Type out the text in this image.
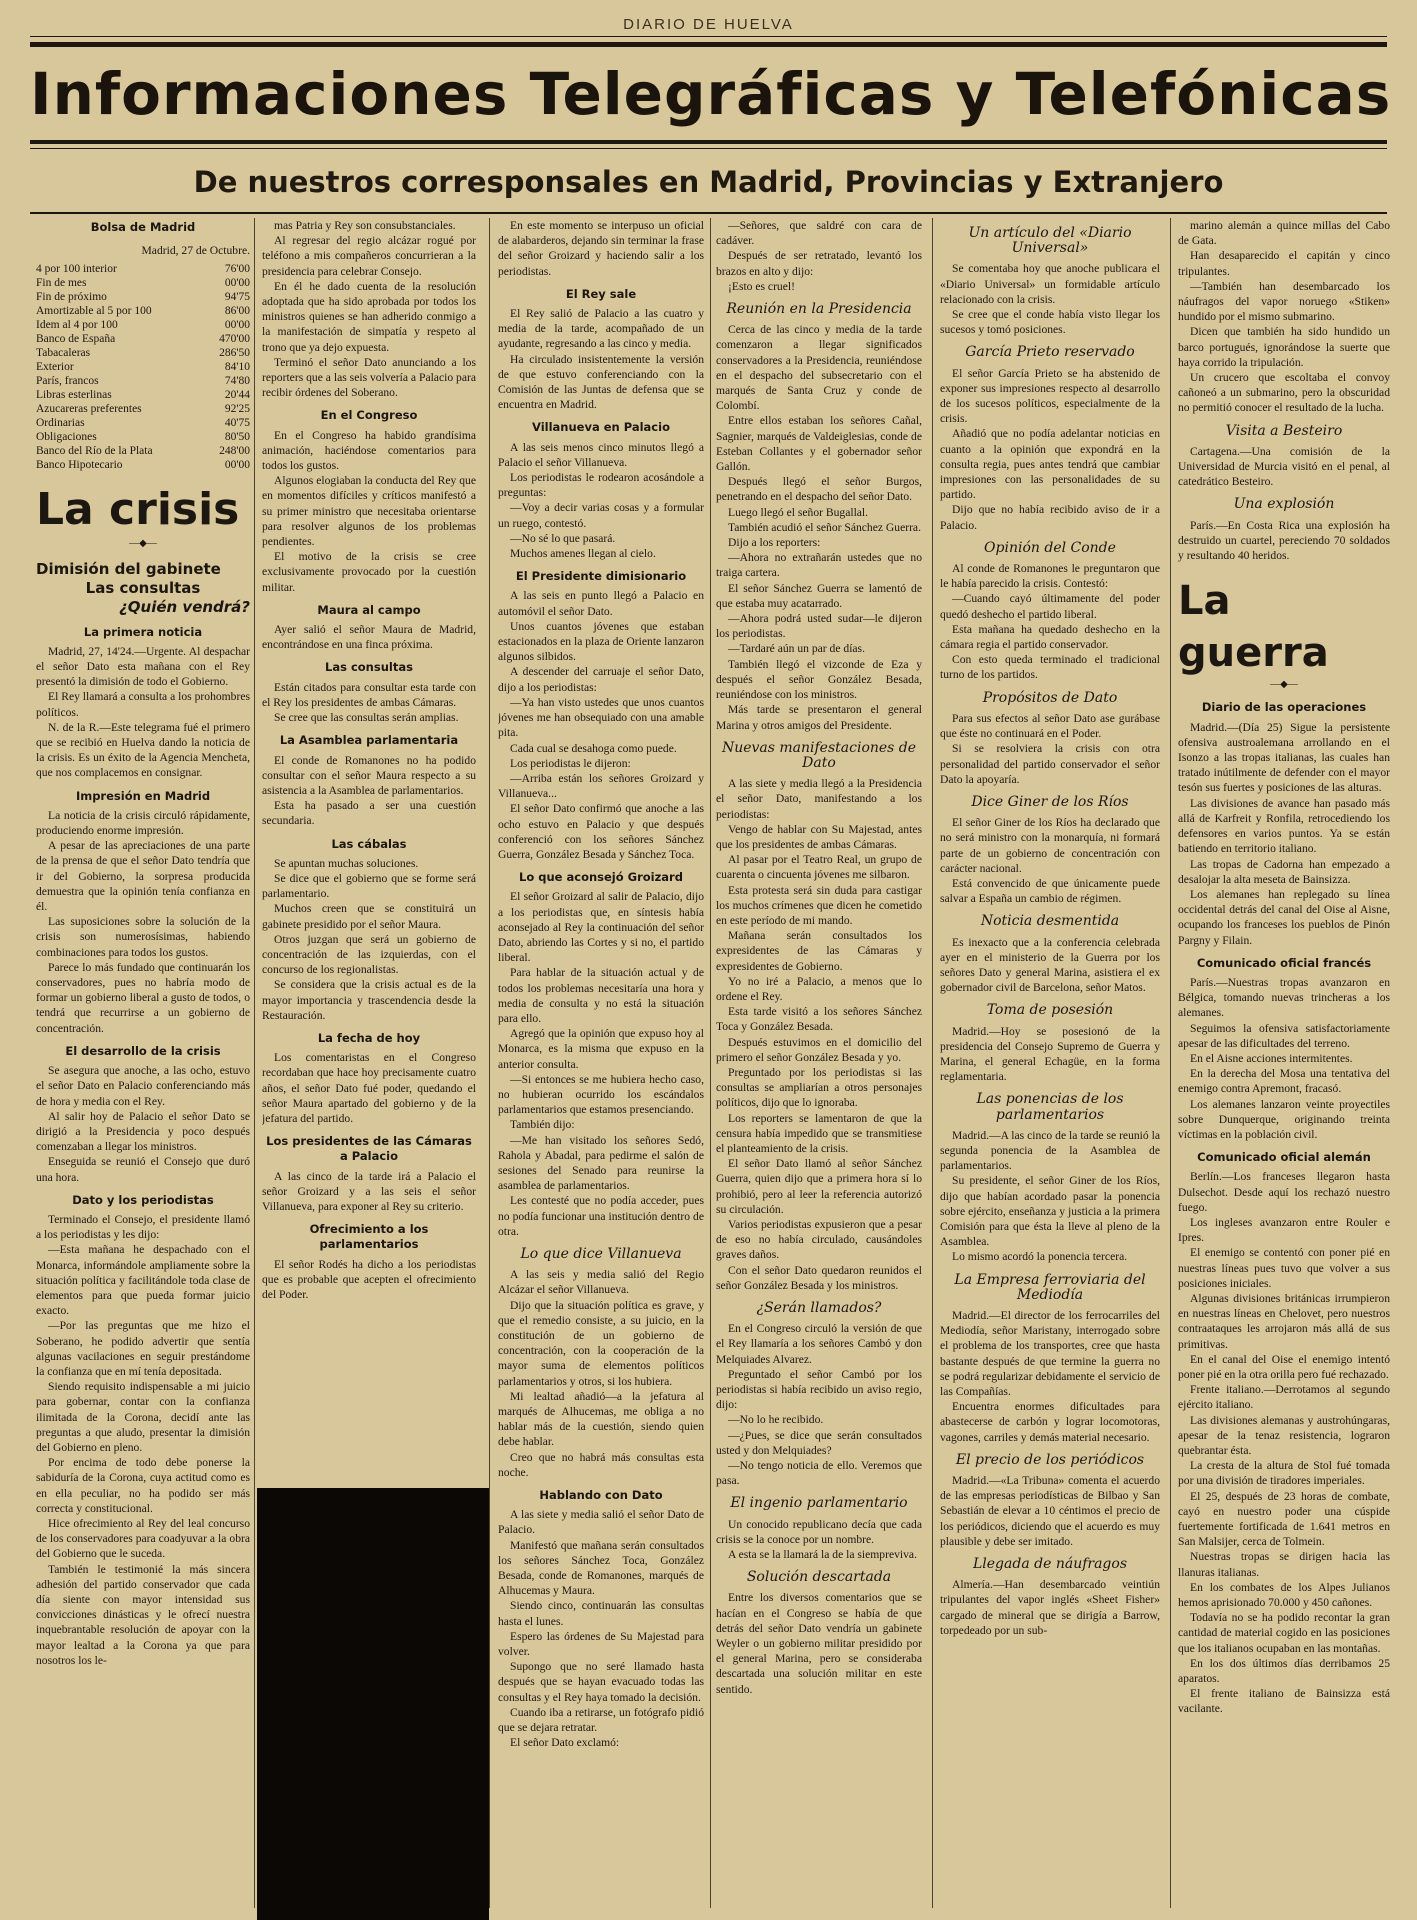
DIARIO DE HUELVA
Informaciones Telegráficas y Telefónicas
De nuestros corresponsales en Madrid, Provincias y Extranjero
Bolsa de Madrid
Madrid, 27 de Octubre.
4 por 100 interior	76'00
Fin de mes	00'00
Fin de próximo	94'75
Amortizable al 5 por 100	86'00
Idem al 4 por 100	00'00
Banco de España	470'00
Tabacaleras	286'50
Exterior	84'10
París, francos	74'80
Libras esterlinas	20'44
Azucareras preferentes	92'25
Ordinarias	40'75
Obligaciones	80'50
Banco del Río de la Plata	248'00
Banco Hipotecario	00'00
La crisis
—◆—
Dimisión del gabinete
Las consultas
¿Quién vendrá?
La primera noticia

Madrid, 27, 14'24.—Urgente. Al despachar el señor Dato esta mañana con el Rey presentó la dimisión de todo el Gobierno.

El Rey llamará a consulta a los prohombres políticos.

N. de la R.—Este telegrama fué el primero que se recibió en Huelva dando la noticia de la crisis. Es un éxito de la Agencia Mencheta, que nos complacemos en consignar.

Impresión en Madrid

La noticia de la crisis circuló rápidamente, produciendo enorme impresión.

A pesar de las apreciaciones de una parte de la prensa de que el señor Dato tendría que ir del Gobierno, la sorpresa producida demuestra que la opinión tenía confianza en él.

Las suposiciones sobre la solución de la crisis son numerosísimas, habiendo combinaciones para todos los gustos.

Parece lo más fundado que continuarán los conservadores, pues no habría modo de formar un gobierno liberal a gusto de todos, o tendrá que recurrirse a un gobierno de concentración.

El desarrollo de la crisis

Se asegura que anoche, a las ocho, estuvo el señor Dato en Palacio conferenciando más de hora y media con el Rey.

Al salir hoy de Palacio el señor Dato se dirigió a la Presidencia y poco después comenzaban a llegar los ministros.

Enseguida se reunió el Consejo que duró una hora.

Dato y los periodistas

Terminado el Consejo, el presidente llamó a los periodistas y les dijo:

—Esta mañana he despachado con el Monarca, informándole ampliamente sobre la situación política y facilitándole toda clase de elementos para que pueda formar juicio exacto.

—Por las preguntas que me hizo el Soberano, he podido advertir que sentía algunas vacilaciones en seguir prestándome la confianza que en mí tenía depositada.

Siendo requisito indispensable a mi juicio para gobernar, contar con la confianza ilimitada de la Corona, decidí ante las preguntas a que aludo, presentar la dimisión del Gobierno en pleno.

Por encima de todo debe ponerse la sabiduría de la Corona, cuya actitud como es en ella peculiar, no ha podido ser más correcta y constitucional.

Hice ofrecimiento al Rey del leal concurso de los conservadores para coadyuvar a la obra del Gobierno que le suceda.

También le testimonié la más sincera adhesión del partido conservador que cada día siente con mayor intensidad sus convicciones dinásticas y le ofrecí nuestra inquebrantable resolución de apoyar con la mayor lealtad a la Corona ya que para nosotros los le-

mas Patria y Rey son consubstanciales.

Al regresar del regio alcázar rogué por teléfono a mis compañeros concurrieran a la presidencia para celebrar Consejo.

En él he dado cuenta de la resolución adoptada que ha sido aprobada por todos los ministros quienes se han adherido conmigo a la manifestación de simpatía y respeto al trono que ya dejo expuesta.

Terminó el señor Dato anunciando a los reporters que a las seis volvería a Palacio para recibir órdenes del Soberano.

En el Congreso

En el Congreso ha habido grandísima animación, haciéndose comentarios para todos los gustos.

Algunos elogiaban la conducta del Rey que en momentos difíciles y críticos manifestó a su primer ministro que necesitaba orientarse para resolver algunos de los problemas pendientes.

El motivo de la crisis se cree exclusivamente provocado por la cuestión militar.

Maura al campo

Ayer salió el señor Maura de Madrid, encontrándose en una finca próxima.

Las consultas

Están citados para consultar esta tarde con el Rey los presidentes de ambas Cámaras.

Se cree que las consultas serán amplias.

La Asamblea parlamentaria

El conde de Romanones no ha podido consultar con el señor Maura respecto a su asistencia a la Asamblea de parlamentarios.

Esta ha pasado a ser una cuestión secundaria.

Las cábalas

Se apuntan muchas soluciones.

Se dice que el gobierno que se forme será parlamentario.

Muchos creen que se constituirá un gabinete presidido por el señor Maura.

Otros juzgan que será un gobierno de concentración de las izquierdas, con el concurso de los regionalistas.

Se considera que la crisis actual es de la mayor importancia y trascendencia desde la Restauración.

La fecha de hoy

Los comentaristas en el Congreso recordaban que hace hoy precisamente cuatro años, el señor Dato fué poder, quedando el señor Maura apartado del gobierno y de la jefatura del partido.

Los presidentes de las Cámaras a Palacio

A las cinco de la tarde irá a Palacio el señor Groizard y a las seis el señor Villanueva, para exponer al Rey su criterio.

Ofrecimiento a los parlamentarios

El señor Rodés ha dicho a los periodistas que es probable que acepten el ofrecimiento del Poder.

En este momento se interpuso un oficial de alabarderos, dejando sin terminar la frase del señor Groizard y haciendo salir a los periodistas.

El Rey sale

El Rey salió de Palacio a las cuatro y media de la tarde, acompañado de un ayudante, regresando a las cinco y media.

Ha circulado insistentemente la versión de que estuvo conferenciando con la Comisión de las Juntas de defensa que se encuentra en Madrid.

Villanueva en Palacio

A las seis menos cinco minutos llegó a Palacio el señor Villanueva.

Los periodistas le rodearon acosándole a preguntas:

—Voy a decir varias cosas y a formular un ruego, contestó.

—No sé lo que pasará.

Muchos amenes llegan al cielo.

El Presidente dimisionario

A las seis en punto llegó a Palacio en automóvil el señor Dato.

Unos cuantos jóvenes que estaban estacionados en la plaza de Oriente lanzaron algunos silbidos.

A descender del carruaje el señor Dato, dijo a los periodistas:

—Ya han visto ustedes que unos cuantos jóvenes me han obsequiado con una amable pita.

Cada cual se desahoga como puede.

Los periodistas le dijeron:

—Arriba están los señores Groizard y Villanueva...

El señor Dato confirmó que anoche a las ocho estuvo en Palacio y que después conferenció con los señores Sánchez Guerra, González Besada y Sánchez Toca.

Lo que aconsejó Groizard

El señor Groizard al salir de Palacio, dijo a los periodistas que, en síntesis había aconsejado al Rey la continuación del señor Dato, abriendo las Cortes y si no, el partido liberal.

Para hablar de la situación actual y de todos los problemas necesitaría una hora y media de consulta y no está la situación para ello.

Agregó que la opinión que expuso hoy al Monarca, es la misma que expuso en la anterior consulta.

—Si entonces se me hubiera hecho caso, no hubieran ocurrido los escándalos parlamentarios que estamos presenciando.

También dijo:

—Me han visitado los señores Sedó, Rahola y Abadal, para pedirme el salón de sesiones del Senado para reunirse la asamblea de parlamentarios.

Les contesté que no podía acceder, pues no podía funcionar una institución dentro de otra.

Lo que dice Villanueva

A las seis y media salió del Regio Alcázar el señor Villanueva.

Dijo que la situación política es grave, y que el remedio consiste, a su juicio, en la constitución de un gobierno de concentración, con la cooperación de la mayor suma de elementos políticos parlamentarios y otros, si los hubiera.

Mi lealtad añadió—a la jefatura al marqués de Alhucemas, me obliga a no hablar más de la cuestión, siendo quien debe hablar.

Creo que no habrá más consultas esta noche.

Hablando con Dato

A las siete y media salió el señor Dato de Palacio.

Manifestó que mañana serán consultados los señores Sánchez Toca, González Besada, conde de Romanones, marqués de Alhucemas y Maura.

Siendo cinco, continuarán las consultas hasta el lunes.

Espero las órdenes de Su Majestad para volver.

Supongo que no seré llamado hasta después que se hayan evacuado todas las consultas y el Rey haya tomado la decisión.

Cuando iba a retirarse, un fotógrafo pidió que se dejara retratar.

El señor Dato exclamó:

—Señores, que saldré con cara de cadáver.

Después de ser retratado, levantó los brazos en alto y dijo:

¡Esto es cruel!

Reunión en la Presidencia

Cerca de las cinco y media de la tarde comenzaron a llegar significados conservadores a la Presidencia, reuniéndose en el despacho del subsecretario con el marqués de Santa Cruz y conde de Colombí.

Entre ellos estaban los señores Cañal, Sagnier, marqués de Valdeiglesias, conde de Esteban Collantes y el gobernador señor Gallón.

Después llegó el señor Burgos, penetrando en el despacho del señor Dato.

Luego llegó el señor Bugallal.

También acudió el señor Sánchez Guerra.

Dijo a los reporters:

—Ahora no extrañarán ustedes que no traiga cartera.

El señor Sánchez Guerra se lamentó de que estaba muy acatarrado.

—Ahora podrá usted sudar—le dijeron los periodistas.

—Tardaré aún un par de días.

También llegó el vizconde de Eza y después el señor González Besada, reuniéndose con los ministros.

Más tarde se presentaron el general Marina y otros amigos del Presidente.

Nuevas manifestaciones de Dato

A las siete y media llegó a la Presidencia el señor Dato, manifestando a los periodistas:

Vengo de hablar con Su Majestad, antes que los presidentes de ambas Cámaras.

Al pasar por el Teatro Real, un grupo de cuarenta o cincuenta jóvenes me silbaron.

Esta protesta será sin duda para castigar los muchos crímenes que dicen he cometido en este período de mi mando.

Mañana serán consultados los expresidentes de las Cámaras y expresidentes de Gobierno.

Yo no iré a Palacio, a menos que lo ordene el Rey.

Esta tarde visitó a los señores Sánchez Toca y González Besada.

Después estuvimos en el domicilio del primero el señor González Besada y yo.

Preguntado por los periodistas si las consultas se ampliarían a otros personajes políticos, dijo que lo ignoraba.

Los reporters se lamentaron de que la censura había impedido que se transmitiese el planteamiento de la crisis.

El señor Dato llamó al señor Sánchez Guerra, quien dijo que a primera hora sí lo prohibió, pero al leer la referencia autorizó su circulación.

Varios periodistas expusieron que a pesar de eso no había circulado, causándoles graves daños.

Con el señor Dato quedaron reunidos el señor González Besada y los ministros.

¿Serán llamados?

En el Congreso circuló la versión de que el Rey llamaría a los señores Cambó y don Melquiades Alvarez.

Preguntado el señor Cambó por los periodistas si había recibido un aviso regio, dijo:

—No lo he recibido.

—¿Pues, se dice que serán consultados usted y don Melquiades?

—No tengo noticia de ello. Veremos que pasa.

El ingenio parlamentario

Un conocido republicano decía que cada crisis se la conoce por un nombre.

A esta se la llamará la de la siempreviva.

Solución descartada

Entre los diversos comentarios que se hacían en el Congreso se había de que detrás del señor Dato vendría un gabinete Weyler o un gobierno militar presidido por el general Marina, pero se consideraba descartada una solución militar en este sentido.

Un artículo del «Diario Universal»

Se comentaba hoy que anoche publicara el «Diario Universal» un formidable artículo relacionado con la crisis.

Se cree que el conde había visto llegar los sucesos y tomó posiciones.

García Prieto reservado

El señor García Prieto se ha abstenido de exponer sus impresiones respecto al desarrollo de los sucesos políticos, especialmente de la crisis.

Añadió que no podía adelantar noticias en cuanto a la opinión que expondrá en la consulta regia, pues antes tendrá que cambiar impresiones con las personalidades de su partido.

Dijo que no había recibido aviso de ir a Palacio.

Opinión del Conde

Al conde de Romanones le preguntaron que le había parecido la crisis. Contestó:

—Cuando cayó últimamente del poder quedó deshecho el partido liberal.

Esta mañana ha quedado deshecho en la cámara regia el partido conservador.

Con esto queda terminado el tradicional turno de los partidos.

Propósitos de Dato

Para sus efectos al señor Dato ase gurábase que éste no continuará en el Poder.

Si se resolviera la crisis con otra personalidad del partido conservador el señor Dato la apoyaría.

Dice Giner de los Ríos

El señor Giner de los Ríos ha declarado que no será ministro con la monarquía, ni formará parte de un gobierno de concentración con carácter nacional.

Está convencido de que únicamente puede salvar a España un cambio de régimen.

Noticia desmentida

Es inexacto que a la conferencia celebrada ayer en el ministerio de la Guerra por los señores Dato y general Marina, asistiera el ex gobernador civil de Barcelona, señor Matos.

Toma de posesión

Madrid.—Hoy se posesionó de la presidencia del Consejo Supremo de Guerra y Marina, el general Echagüe, en la forma reglamentaria.

Las ponencias de los parlamentarios

Madrid.—A las cinco de la tarde se reunió la segunda ponencia de la Asamblea de parlamentarios.

Su presidente, el señor Giner de los Ríos, dijo que habían acordado pasar la ponencia sobre ejército, enseñanza y justicia a la primera Comisión para que ésta la lleve al pleno de la Asamblea.

Lo mismo acordó la ponencia tercera.

La Empresa ferroviaria del Mediodía

Madrid.—El director de los ferrocarriles del Mediodía, señor Maristany, interrogado sobre el problema de los transportes, cree que hasta bastante después de que termine la guerra no se podrá regularizar debidamente el servicio de las Compañías.

Encuentra enormes dificultades para abastecerse de carbón y lograr locomotoras, vagones, carriles y demás material necesario.

El precio de los periódicos

Madrid.—«La Tribuna» comenta el acuerdo de las empresas periodísticas de Bilbao y San Sebastián de elevar a 10 céntimos el precio de los periódicos, diciendo que el acuerdo es muy plausible y debe ser imitado.

Llegada de náufragos

Almería.—Han desembarcado veintiún tripulantes del vapor inglés «Sheet Fisher» cargado de mineral que se dirigía a Barrow, torpedeado por un sub-

marino alemán a quince millas del Cabo de Gata.

Han desaparecido el capitán y cinco tripulantes.

—También han desembarcado los náufragos del vapor noruego «Stiken» hundido por el mismo submarino.

Dicen que también ha sido hundido un barco portugués, ignorándose la suerte que haya corrido la tripulación.

Un crucero que escoltaba el convoy cañoneó a un submarino, pero la obscuridad no permitió conocer el resultado de la lucha.

Visita a Besteiro

Cartagena.—Una comisión de la Universidad de Murcia visitó en el penal, al catedrático Besteiro.

Una explosión

París.—En Costa Rica una explosión ha destruido un cuartel, pereciendo 70 soldados y resultando 40 heridos.

La guerra
—◆—
Diario de las operaciones

Madrid.—(Día 25) Sigue la persistente ofensiva austroalemana arrollando en el Isonzo a las tropas italianas, las cuales han tratado inútilmente de defender con el mayor tesón sus fuertes y posiciones de las alturas.

Las divisiones de avance han pasado más allá de Karfreit y Ronfila, retrocediendo los defensores en varios puntos. Ya se están batiendo en territorio italiano.

Las tropas de Cadorna han empezado a desalojar la alta meseta de Bainsizza.

Los alemanes han replegado su línea occidental detrás del canal del Oise al Aisne, ocupando los franceses los pueblos de Pinón Pargny y Filain.

Comunicado oficial francés

París.—Nuestras tropas avanzaron en Bélgica, tomando nuevas trincheras a los alemanes.

Seguimos la ofensiva satisfactoriamente apesar de las dificultades del terreno.

En el Aisne acciones intermitentes.

En la derecha del Mosa una tentativa del enemigo contra Apremont, fracasó.

Los alemanes lanzaron veinte proyectiles sobre Dunquerque, originando treinta víctimas en la población civil.

Comunicado oficial alemán

Berlín.—Los franceses llegaron hasta Dulsechot. Desde aquí los rechazó nuestro fuego.

Los ingleses avanzaron entre Rouler e Ipres.

El enemigo se contentó con poner pié en nuestras líneas pues tuvo que volver a sus posiciones iniciales.

Algunas divisiones británicas irrumpieron en nuestras líneas en Chelovet, pero nuestros contraataques les arrojaron más allá de sus primitivas.

En el canal del Oise el enemigo intentó poner pié en la otra orilla pero fué rechazado.

Frente italiano.—Derrotamos al segundo ejército italiano.

Las divisiones alemanas y austrohúngaras, apesar de la tenaz resistencia, lograron quebrantar ésta.

La cresta de la altura de Stol fué tomada por una división de tiradores imperiales.

El 25, después de 23 horas de combate, cayó en nuestro poder una cúspide fuertemente fortificada de 1.641 metros en San Malsijer, cerca de Tolmein.

Nuestras tropas se dirigen hacia las llanuras italianas.

En los combates de los Alpes Julianos hemos aprisionado 70.000 y 450 cañones.

Todavía no se ha podido recontar la gran cantidad de material cogido en las posiciones que los italianos ocupaban en las montañas.

En los dos últimos días derribamos 25 aparatos.

El frente italiano de Bainsizza está vacilante.
